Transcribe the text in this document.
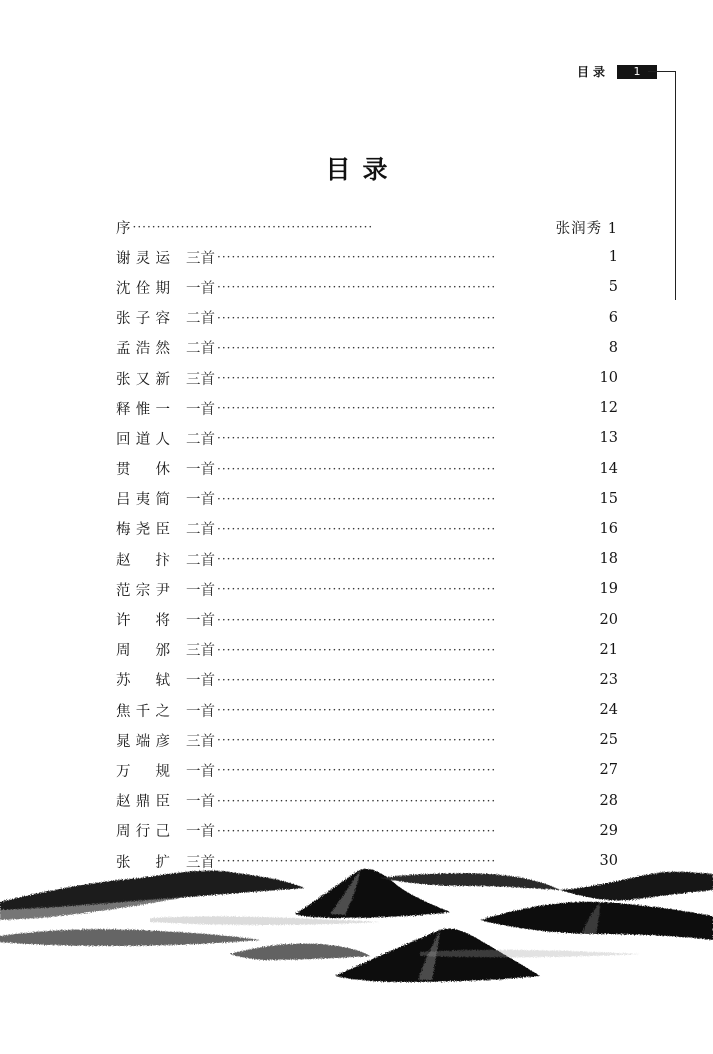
目录	1
目录
序 ··················································	张润秀 1
谢灵运	三首 ··························································	1
沈佺期	一首 ··························································	5
张子容	二首 ··························································	6
孟浩然	二首 ··························································	8
张又新	三首 ··························································	10
释惟一	一首 ··························································	12
回道人	二首 ··························································	13
贯 休	一首 ··························································	14
吕夷简	一首 ··························································	15
梅尧臣	二首 ··························································	16
赵 抃	二首 ··························································	18
范宗尹	一首 ··························································	19
许 将	一首 ··························································	20
周 邠	三首 ··························································	21
苏 轼	一首 ··························································	23
焦千之	一首 ··························································	24
晁端彦	三首 ··························································	25
万 规	一首 ··························································	27
赵鼎臣	一首 ··························································	28
周行己	一首 ··························································	29
张 扩	三首 ··························································	30
